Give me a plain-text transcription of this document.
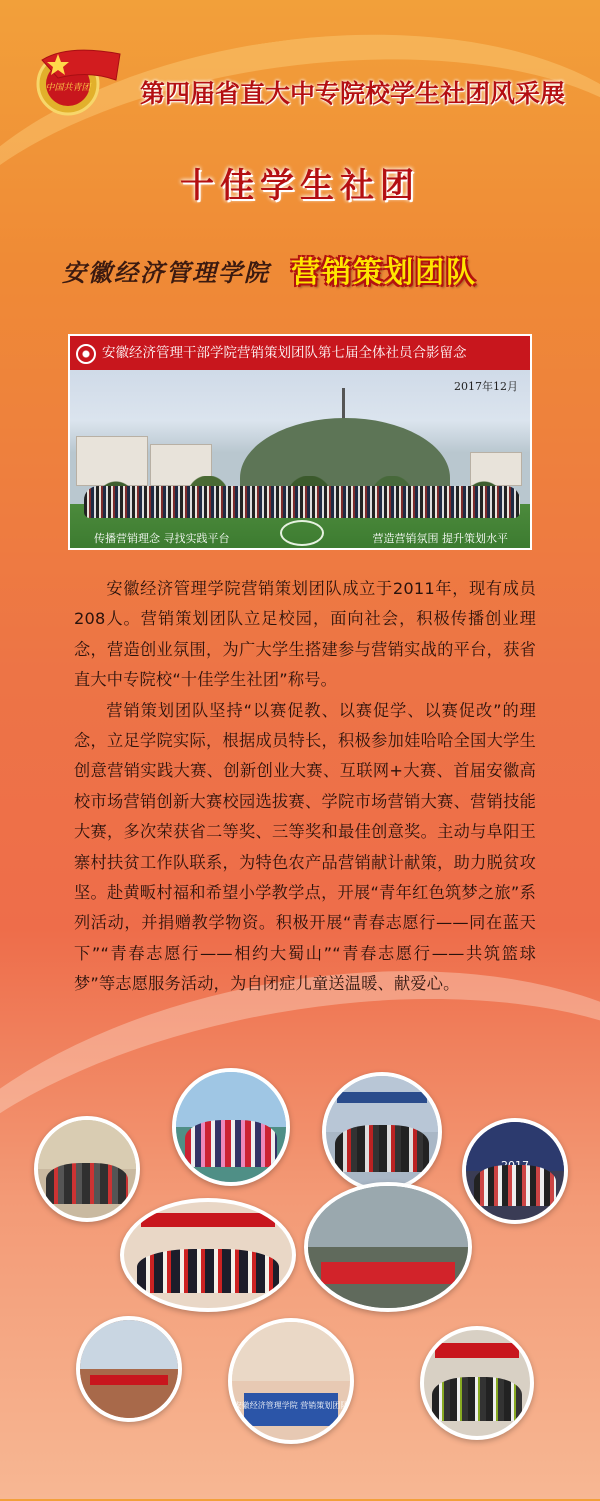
中国共青团 第四届省直大中专院校学生社团风采展
十佳学生社团
安徽经济管理学院 营销策划团队
安徽经济管理干部学院营销策划团队第七届全体社员合影留念
2017年12月
传播营销理念 寻找实践平台	营造营销氛围 提升策划水平

安徽经济管理学院营销策划团队成立于2011年，现有成员208人。营销策划团队立足校园，面向社会，积极传播创业理念，营造创业氛围，为广大学生搭建参与营销实战的平台，获省直大中专院校“十佳学生社团”称号。

营销策划团队坚持“以赛促教、以赛促学、以赛促改”的理念，立足学院实际，根据成员特长，积极参加娃哈哈全国大学生创意营销实践大赛、创新创业大赛、互联网+大赛、首届安徽高校市场营销创新大赛校园选拔赛、学院市场营销大赛、营销技能大赛，多次荣获省二等奖、三等奖和最佳创意奖。主动与阜阳王寨村扶贫工作队联系，为特色农产品营销献计献策，助力脱贫攻坚。赴黄畈村福和希望小学教学点，开展“青年红色筑梦之旅”系列活动，并捐赠教学物资。积极开展“青春志愿行——同在蓝天下”“青春志愿行——相约大蜀山”“青春志愿行——共筑篮球梦”等志愿服务活动，为自闭症儿童送温暖、献爱心。

安徽经济管理学院 营销策划团队
